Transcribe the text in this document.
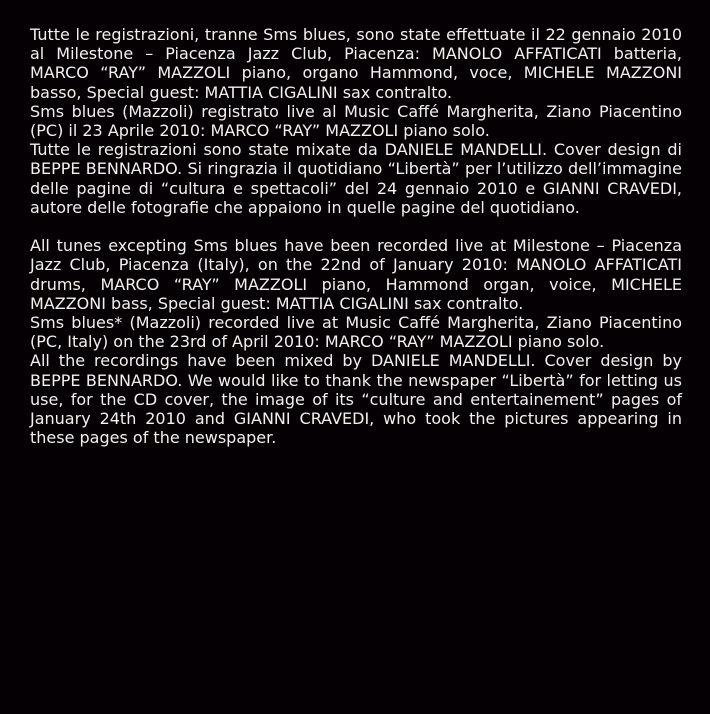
Tutte le registrazioni, tranne Sms blues, sono state effettuate il 22 gennaio 2010 al Milestone – Piacenza Jazz Club, Piacenza: MANOLO AFFATICATI batteria, MARCO “RAY” MAZZOLI piano, organo Hammond, voce, MICHELE MAZZONI basso, Special guest: MATTIA CIGALINI sax contralto.

Sms blues (Mazzoli) registrato live al Music Caffé Margherita, Ziano Piacentino (PC) il 23 Aprile 2010: MARCO “RAY” MAZZOLI piano solo.

Tutte le registrazioni sono state mixate da DANIELE MANDELLI. Cover design di BEPPE BENNARDO. Si ringrazia il quotidiano “Libertà” per l’utilizzo dell’immagine delle pagine di “cultura e spettacoli” del 24 gennaio 2010 e GIANNI CRAVEDI, autore delle fotografie che appaiono in quelle pagine del quotidiano.

All tunes excepting Sms blues have been recorded live at Milestone – Piacenza Jazz Club, Piacenza (Italy), on the 22nd of January 2010: MANOLO AFFATICATI drums, MARCO “RAY” MAZZOLI piano, Hammond organ, voice, MICHELE MAZZONI bass, Special guest: MATTIA CIGALINI sax contralto.

Sms blues* (Mazzoli) recorded live at Music Caffé Margherita, Ziano Piacentino (PC, Italy) on the 23rd of April 2010: MARCO “RAY” MAZZOLI piano solo.

All the recordings have been mixed by DANIELE MANDELLI. Cover design by BEPPE BENNARDO. We would like to thank the newspaper “Libertà” for letting us use, for the CD cover, the image of its “culture and entertainement” pages of January 24th 2010 and GIANNI CRAVEDI, who took the pictures appearing in these pages of the newspaper.
